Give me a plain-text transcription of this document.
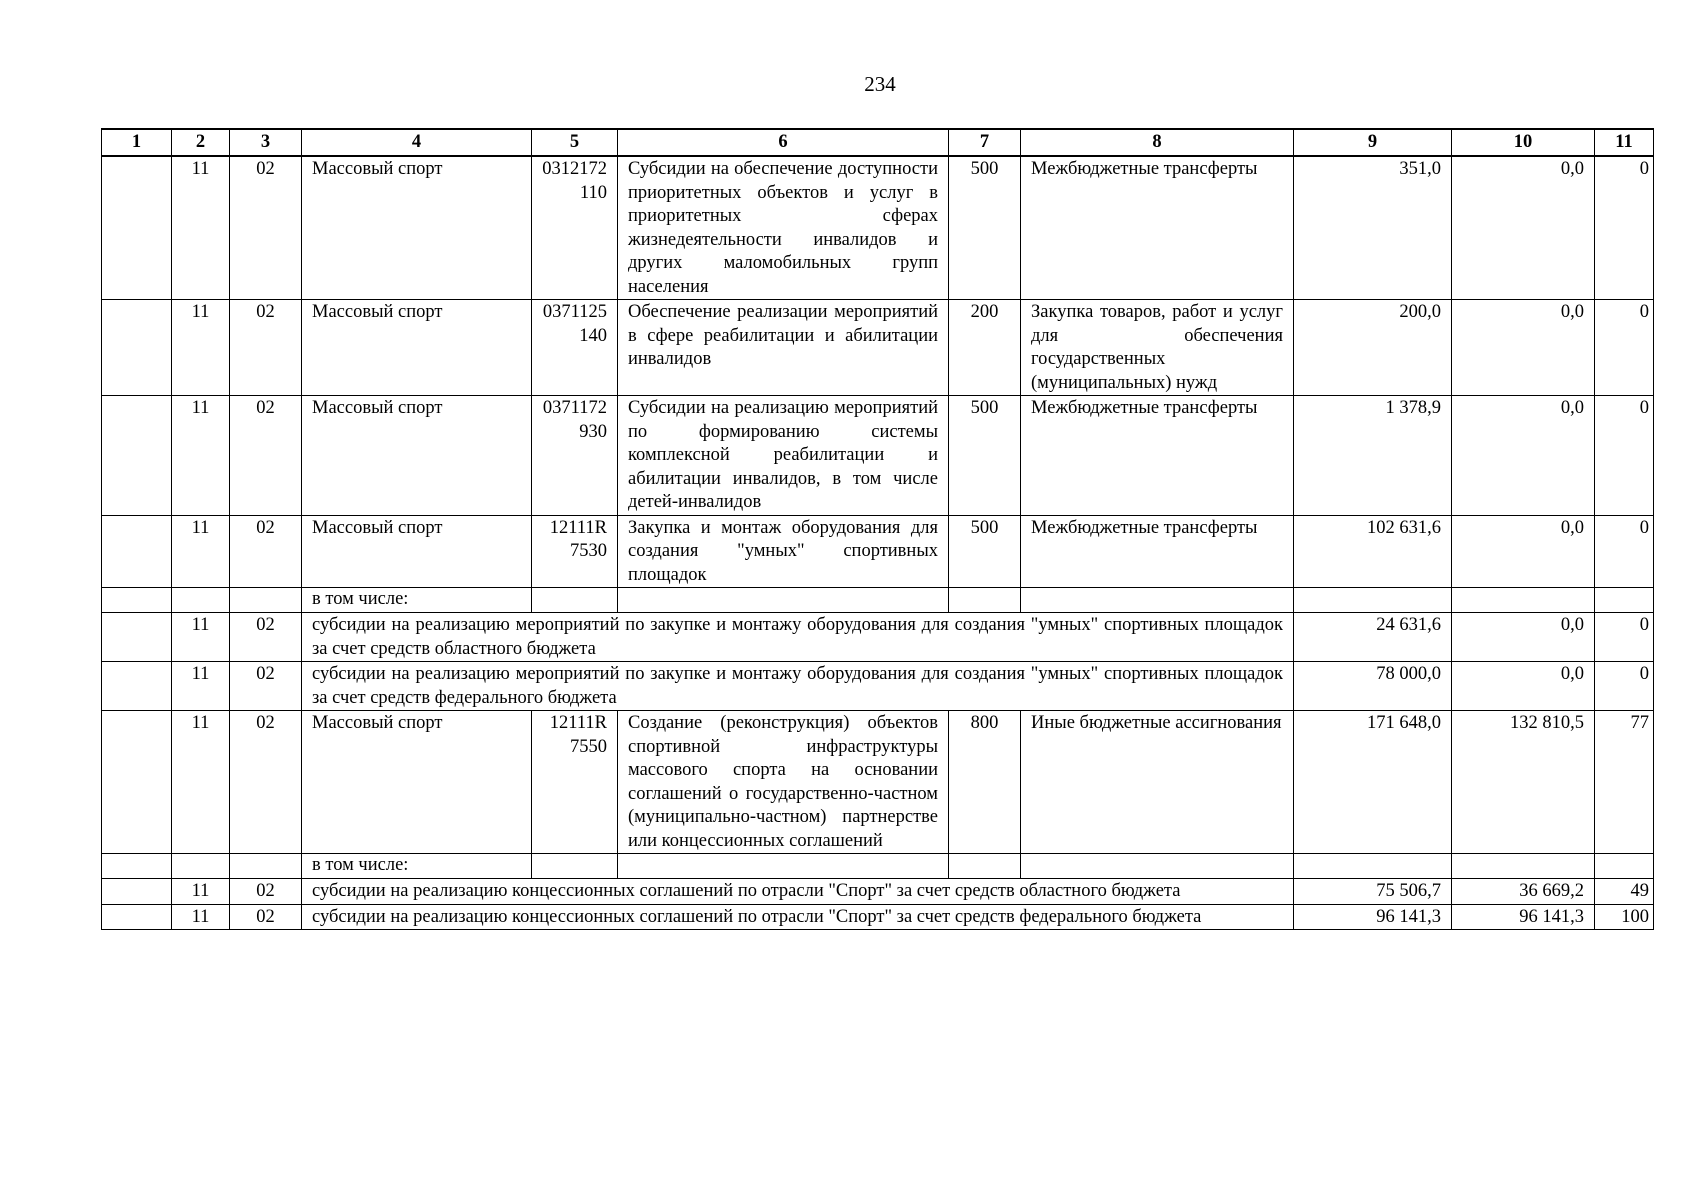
234
1	2	3	4	5	6	7	8	9	10	11
	11	02	Массовый спорт	0312172110	Субсидии на обеспечение доступности приоритетных объектов и услуг в приоритетных сферах жизнедеятельности инвалидов и других маломобильных групп населения	500	Межбюджетные трансферты	351,0	0,0	0
	11	02	Массовый спорт	0371125140	Обеспечение реализации мероприятий в сфере реабилитации и абилитации инвалидов	200	Закупка товаров, работ и услуг для обеспечения государственных (муниципальных) нужд	200,0	0,0	0
	11	02	Массовый спорт	0371172930	Субсидии на реализацию мероприятий по формированию системы комплексной реабилитации и абилитации инвалидов, в том числе детей-инвалидов	500	Межбюджетные трансферты	1 378,9	0,0	0
	11	02	Массовый спорт	12111R7530	Закупка и монтаж оборудования для создания "умных" спортивных площадок	500	Межбюджетные трансферты	102 631,6	0,0	0
			в том числе:							
	11	02	субсидии на реализацию мероприятий по закупке и монтажу оборудования для создания "умных" спортивных площадок за счет средств областного бюджета					24 631,6	0,0	0
	11	02	субсидии на реализацию мероприятий по закупке и монтажу оборудования для создания "умных" спортивных площадок за счет средств федерального бюджета					78 000,0	0,0	0
	11	02	Массовый спорт	12111R7550	Создание (реконструкция) объектов спортивной инфраструктуры массового спорта на основании соглашений о государственно-частном (муниципально-частном) партнерстве или концессионных соглашений	800	Иные бюджетные ассигнования	171 648,0	132 810,5	77
			в том числе:							
	11	02	субсидии на реализацию концессионных соглашений по отрасли "Спорт" за счет средств областного бюджета					75 506,7	36 669,2	49
	11	02	субсидии на реализацию концессионных соглашений по отрасли "Спорт" за счет средств федерального бюджета					96 141,3	96 141,3	100
